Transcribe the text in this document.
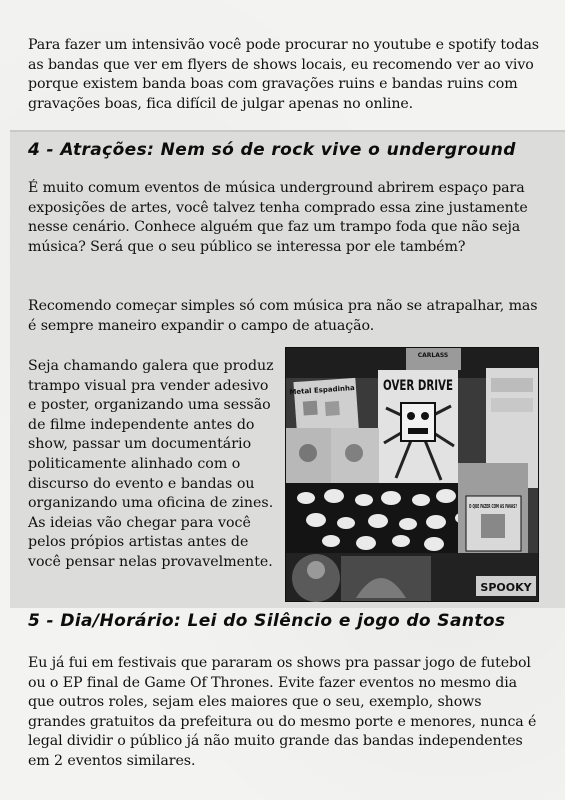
Para fazer um intensivão você pode procurar no youtube e spotify todas as bandas que ver em flyers de shows locais, eu recomendo ver ao vivo porque existem banda boas com gravações ruins e bandas ruins com gravações boas, fica difícil de julgar apenas no online.

4 - Atrações: Nem só de rock vive o underground

É muito comum eventos de música underground abrirem espaço para exposições de artes, você talvez tenha comprado essa zine justamente nesse cenário. Conhece alguém que faz um trampo foda que não seja música? Será que o seu público se interessa por ele também?

Recomendo começar simples só com música pra não se atrapalhar, mas é sempre maneiro expandir o campo de atuação.

Seja chamando galera que produz trampo visual pra vender adesivo e poster, organizando uma sessão de filme independente antes do show, passar um documentário politicamente alinhado com o discurso do evento e bandas ou organizando uma oficina de zines. As ideias vão chegar para você pelos própios artistas antes de você pensar nelas provavelmente.

CARLASS
Metal Espadinha OVER DRIVE
O QUE FAZER COM AS FAVAS?
SPOOKY
5 - Dia/Horário: Lei do Silêncio e jogo do Santos

Eu já fui em festivais que pararam os shows pra passar jogo de futebol ou o EP final de Game Of Thrones. Evite fazer eventos no mesmo dia que outros roles, sejam eles maiores que o seu, exemplo, shows grandes gratuitos da prefeitura ou do mesmo porte e menores, nunca é legal dividir o público já não muito grande das bandas independentes em 2 eventos similares.
